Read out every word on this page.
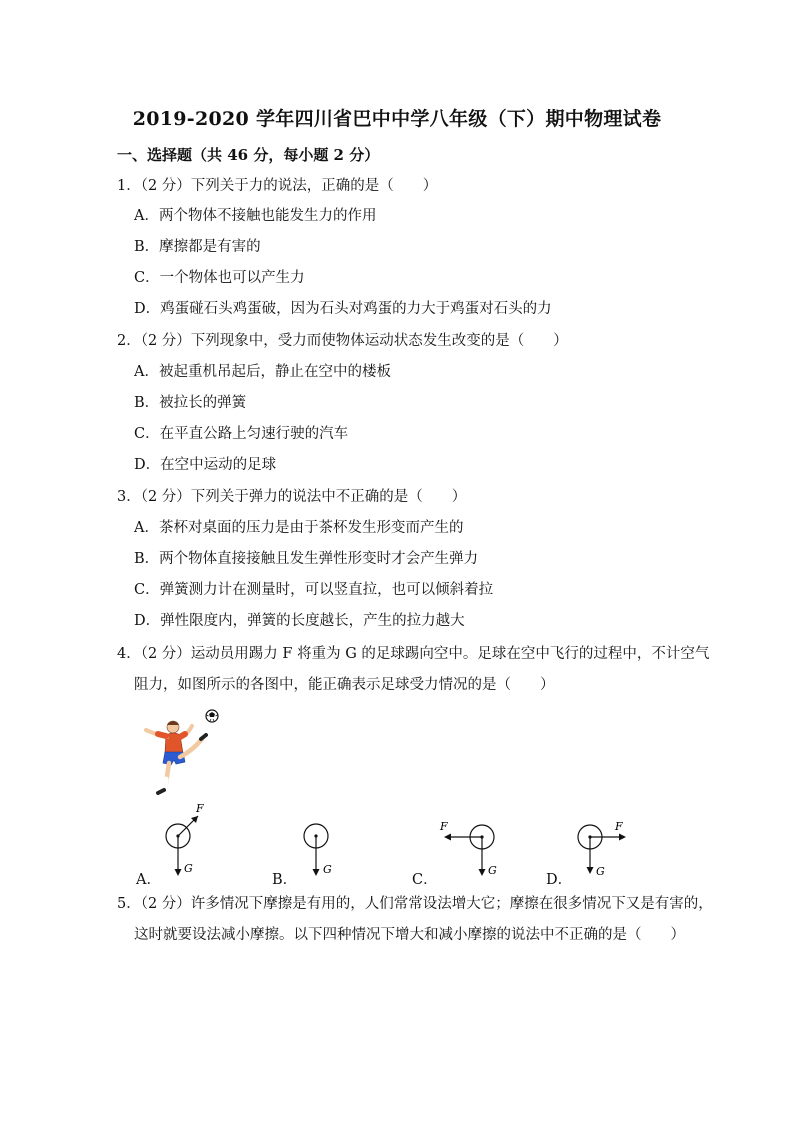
2019-2020 学年四川省巴中中学八年级（下）期中物理试卷
一、选择题（共 46 分，每小题 2 分）
1．（2 分）下列关于力的说法，正确的是（　　）
A．两个物体不接触也能发生力的作用
B．摩擦都是有害的
C．一个物体也可以产生力
D．鸡蛋碰石头鸡蛋破，因为石头对鸡蛋的力大于鸡蛋对石头的力
2．（2 分）下列现象中，受力而使物体运动状态发生改变的是（　　）
A．被起重机吊起后，静止在空中的楼板
B．被拉长的弹簧
C．在平直公路上匀速行驶的汽车
D．在空中运动的足球
3．（2 分）下列关于弹力的说法中不正确的是（　　）
A．茶杯对桌面的压力是由于茶杯发生形变而产生的
B．两个物体直接接触且发生弹性形变时才会产生弹力
C．弹簧测力计在测量时，可以竖直拉，也可以倾斜着拉
D．弹性限度内，弹簧的长度越长，产生的拉力越大
4．（2 分）运动员用踢力 F 将重为 G 的足球踢向空中。足球在空中飞行的过程中，不计空气
阻力，如图所示的各图中，能正确表示足球受力情况的是（　　）
F
G
A．
G
B．
F
G
C．
F
G
D．
5．（2 分）许多情况下摩擦是有用的，人们常常设法增大它；摩擦在很多情况下又是有害的，
这时就要设法减小摩擦。以下四种情况下增大和减小摩擦的说法中不正确的是（　　）
